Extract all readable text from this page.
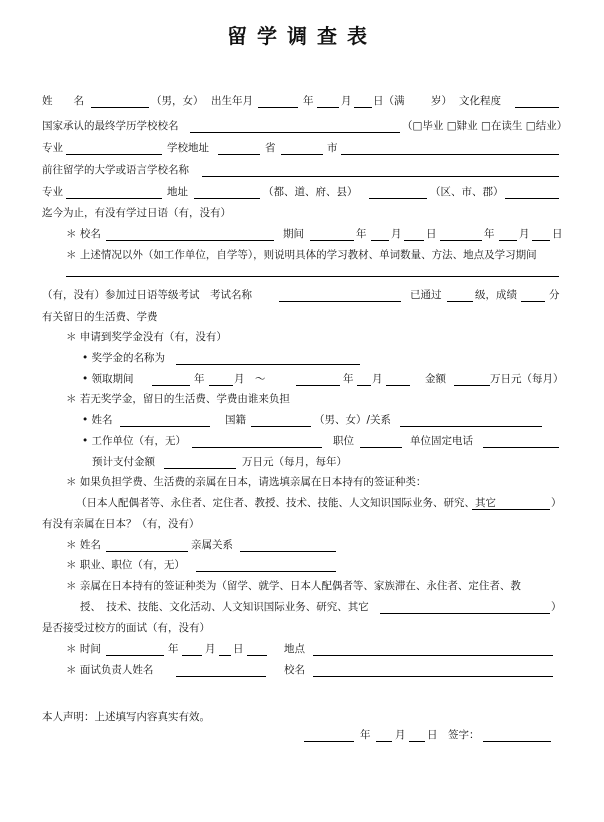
留学调查表
姓　　名	（男，女） 出生年月	年	月 日（满	岁） 文化程度
国家承认的最终学历学校校名	（□毕业 □肄业 □在读生 □结业）
专业	学校地址	省	市
前往留学的大学或语言学校名称
专业	地址	（都、道、府、县）	（区、市、郡）
迄今为止，有没有学过日语（有，没有）
＊ 校名	期间	年 月 日	年 月 日
＊ 上述情况以外（如工作单位，自学等），则说明具体的学习教材、单词数量、方法、地点及学习期间
（有，没有）参加过日语等级考试　考试名称	已通过	级，成绩	分
有关留日的生活费、学费
＊ 申请到奖学金没有（有，没有）
• 奖学金的名称为
• 领取期间	年	月　～	年 月	金额	万日元（每月）
＊ 若无奖学金，留日的生活费、学费由谁来负担
• 姓名	国籍	（男、女）/关系
• 工作单位（有，无）	职位	单位固定电话
预计支付金额	万日元（每月，每年）
＊ 如果负担学费、生活费的亲属在日本，请选填亲属在日本持有的签证种类：
（日本人配偶者等、永住者、定住者、教授、技术、技能、人文知识国际业务、研究、其它	）
有没有亲属在日本？（有，没有）
＊ 姓名	亲属关系
＊ 职业、职位（有，无）
＊ 亲属在日本持有的签证种类为（留学、就学、日本人配偶者等、家族滞在、永住者、定住者、教
授、　技术、技能、文化活动、人文知识国际业务、研究、其它	）
是否接受过校方的面试（有，没有）
＊ 时间	年	月 日	地点
＊ 面试负责人姓名	校名
本人声明：上述填写内容真实有效。
年 月 日　签字：
